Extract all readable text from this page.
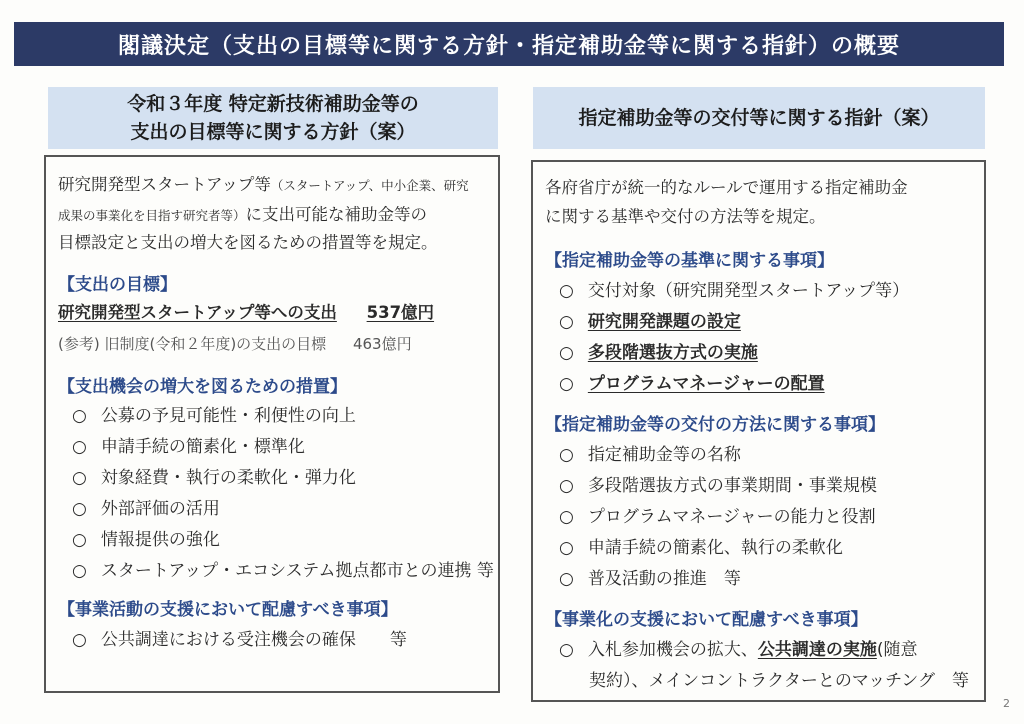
閣議決定（支出の目標等に関する方針・指定補助金等に関する指針）の概要
令和３年度 特定新技術補助金等の
支出の目標等に関する方針（案）
研究開発型スタートアップ等（スタートアップ、中小企業、研究
成果の事業化を目指す研究者等）に支出可能な補助金等の
目標設定と支出の増大を図るための措置等を規定。
【支出の目標】
研究開発型スタートアップ等への支出 537億円
(参考) 旧制度(令和２年度)の支出の目標 463億円
【支出機会の増大を図るための措置】
○ 公募の予見可能性・利便性の向上
○ 申請手続の簡素化・標準化
○ 対象経費・執行の柔軟化・弾力化
○ 外部評価の活用
○ 情報提供の強化
○ スタートアップ・エコシステム拠点都市との連携 等
【事業活動の支援において配慮すべき事項】
○ 公共調達における受注機会の確保　　等
指定補助金等の交付等に関する指針（案）
各府省庁が統一的なルールで運用する指定補助金
に関する基準や交付の方法等を規定。
【指定補助金等の基準に関する事項】
○ 交付対象（研究開発型スタートアップ等）
○ 研究開発課題の設定
○ 多段階選抜方式の実施
○ プログラムマネージャーの配置
【指定補助金等の交付の方法に関する事項】
○ 指定補助金等の名称
○ 多段階選抜方式の事業期間・事業規模
○ プログラムマネージャーの能力と役割
○ 申請手続の簡素化、執行の柔軟化
○ 普及活動の推進　等
【事業化の支援において配慮すべき事項】
○ 入札参加機会の拡大、公共調達の実施(随意
契約）、メインコントラクターとのマッチング　等
2
